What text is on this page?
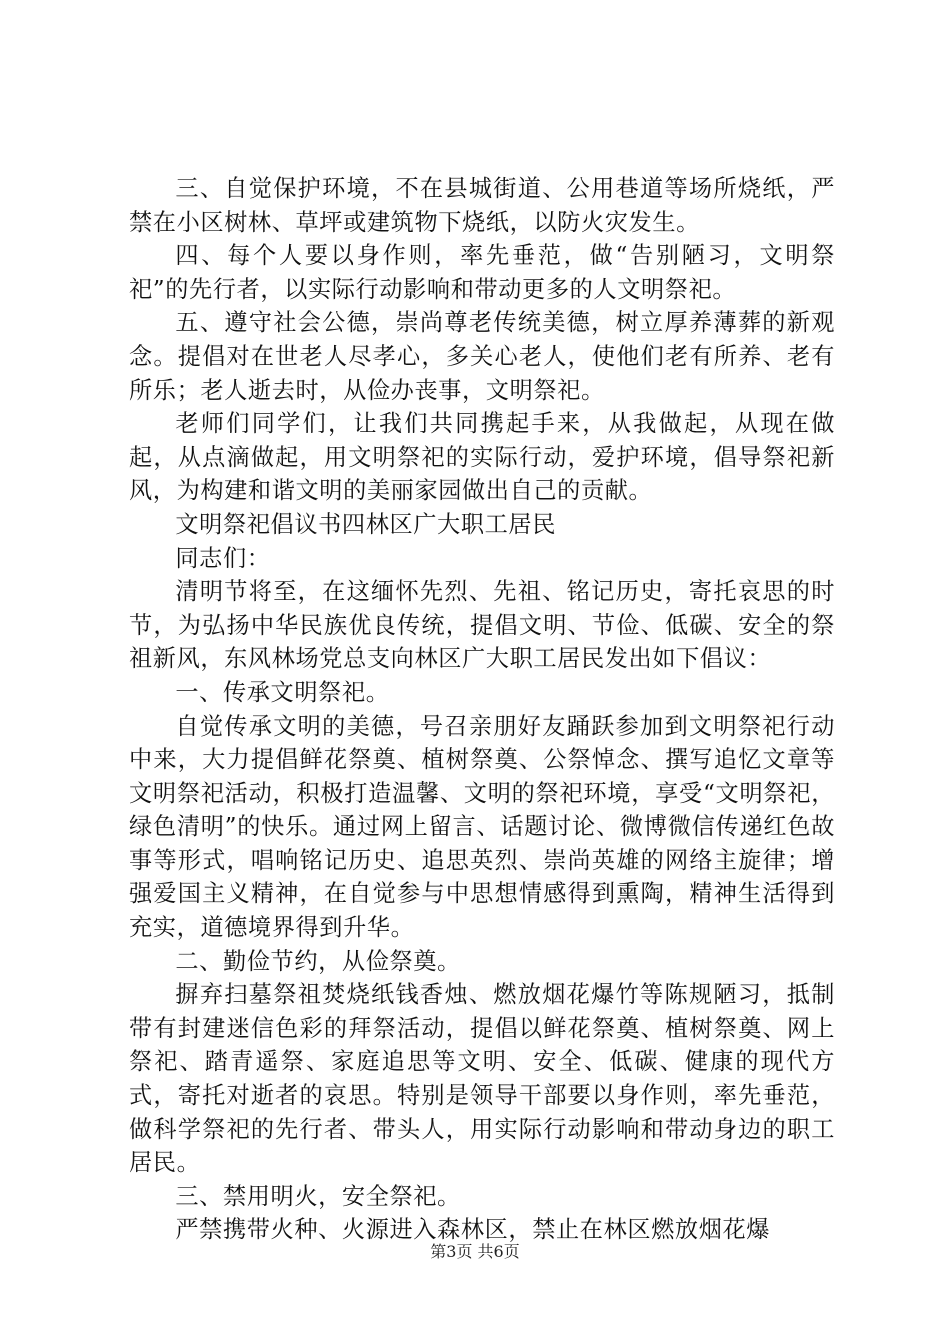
三、自觉保护环境，不在县城街道、公用巷道等场所烧纸，严禁在小区树林、草坪或建筑物下烧纸，以防火灾发生。

四、每个人要以身作则，率先垂范，做“告别陋习，文明祭祀”的先行者，以实际行动影响和带动更多的人文明祭祀。

五、遵守社会公德，崇尚尊老传统美德，树立厚养薄葬的新观念。提倡对在世老人尽孝心，多关心老人，使他们老有所养、老有所乐；老人逝去时，从俭办丧事，文明祭祀。

老师们同学们，让我们共同携起手来，从我做起，从现在做起，从点滴做起，用文明祭祀的实际行动，爱护环境，倡导祭祀新风，为构建和谐文明的美丽家园做出自己的贡献。

文明祭祀倡议书四林区广大职工居民

同志们：

清明节将至，在这缅怀先烈、先祖、铭记历史，寄托哀思的时节，为弘扬中华民族优良传统，提倡文明、节俭、低碳、安全的祭祖新风，东风林场党总支向林区广大职工居民发出如下倡议：

一、传承文明祭祀。

自觉传承文明的美德，号召亲朋好友踊跃参加到文明祭祀行动中来，大力提倡鲜花祭奠、植树祭奠、公祭悼念、撰写追忆文章等文明祭祀活动，积极打造温馨、文明的祭祀环境，享受“文明祭祀，绿色清明”的快乐。通过网上留言、话题讨论、微博微信传递红色故事等形式，唱响铭记历史、追思英烈、崇尚英雄的网络主旋律；增强爱国主义精神，在自觉参与中思想情感得到熏陶，精神生活得到充实，道德境界得到升华。

二、勤俭节约，从俭祭奠。

摒弃扫墓祭祖焚烧纸钱香烛、燃放烟花爆竹等陈规陋习，抵制带有封建迷信色彩的拜祭活动，提倡以鲜花祭奠、植树祭奠、网上祭祀、踏青遥祭、家庭追思等文明、安全、低碳、健康的现代方式，寄托对逝者的哀思。特别是领导干部要以身作则，率先垂范，做科学祭祀的先行者、带头人，用实际行动影响和带动身边的职工居民。

三、禁用明火，安全祭祀。

严禁携带火种、火源进入森林区，禁止在林区燃放烟花爆

第3页 共6页
